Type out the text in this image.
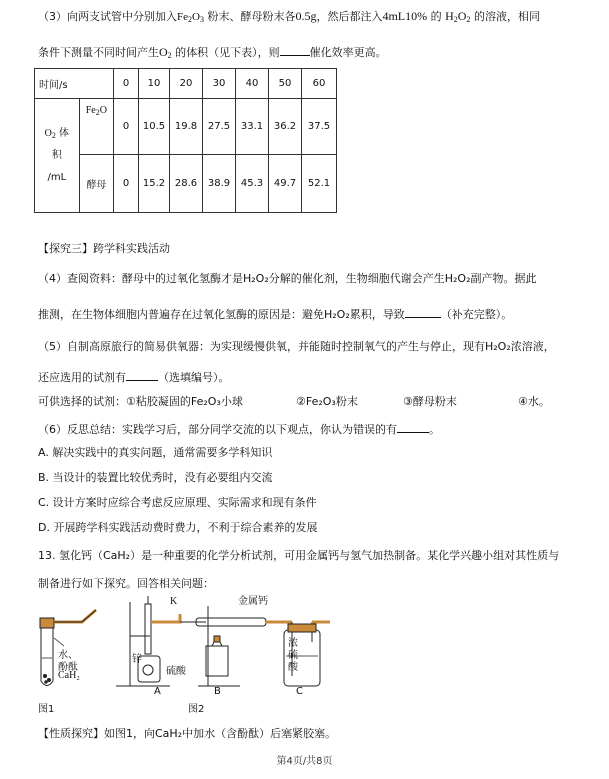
（3）向两支试管中分别加入$Fe_2O_3$ 粉末、酵母粉末各0.5g，然后都注入4mL10% 的 $H_2O_2$ 的溶液，相同
条件下测量不同时间产生$O_2$ 的体积（见下表），则	催化效率更高。
时间/s		0	10	20	30	40	50	60
$O_2$ 体
积
/mL	$Fe_2O$	0	10.5	19.8	27.5	33.1	36.2	37.5
	酵母	0	15.2	28.6	38.9	45.3	49.7	52.1
【探究三】跨学科实践活动
（4）查阅资料：酵母中的过氧化氢酶才是H₂O₂分解的催化剂，生物细胞代谢会产生H₂O₂副产物。据此
推测，在生物体细胞内普遍存在过氧化氢酶的原因是：避免H₂O₂累积，导致	（补充完整）。
（5）自制高原旅行的简易供氧器：为实现缓慢供氧，并能随时控制氧气的产生与停止，现有H₂O₂浓溶液，
还应选用的试剂有	（选填编号）。
可供选择的试剂：①粘胶凝固的Fe₂O₃小球	②Fe₂O₃粉末	③酵母粉末	④水。
（6）反思总结：实践学习后，部分同学交流的以下观点，你认为错误的有	。
A. 解决实践中的真实问题，通常需要多学科知识
B. 当设计的装置比较优秀时，没有必要组内交流
C. 设计方案时应综合考虑反应原理、实际需求和现有条件
D. 开展跨学科实践活动费时费力，不利于综合素养的发展
13. 氢化钙（CaH₂）是一种重要的化学分析试剂，可用金属钙与氢气加热制备。某化学兴趣小组对其性质与
制备进行如下探究。回答相关问题：
水、
酚酞
CaH₂
图1
K	金属钙
锌
硫酸
浓
硫
酸
A	B	C
图2
【性质探究】如图1，向CaH₂中加水（含酚酞）后塞紧胶塞。
第4页/共8页
